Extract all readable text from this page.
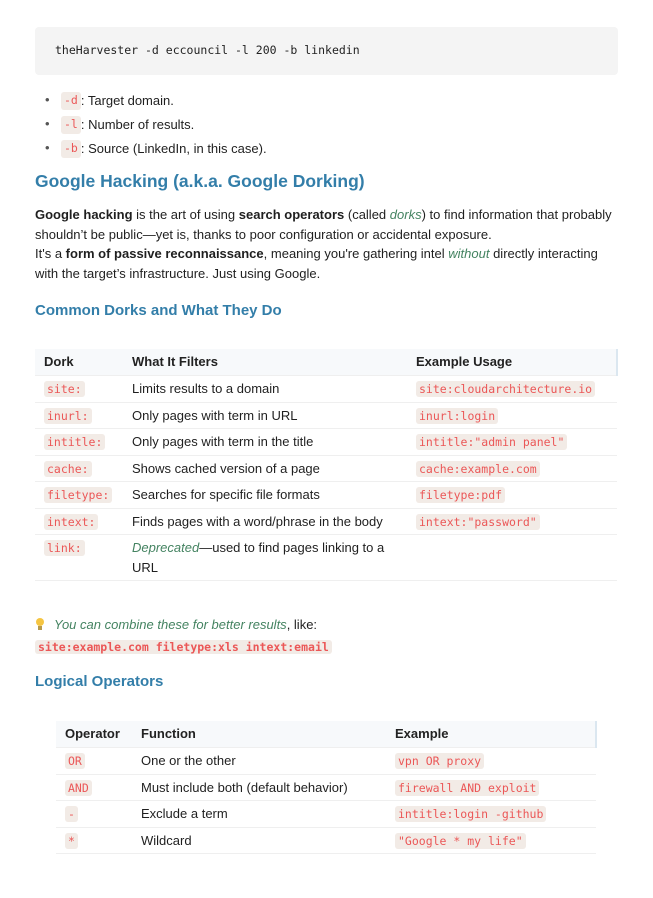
theHarvester -d eccouncil -l 200 -b linkedin
• -d : Target domain.
• -l : Number of results.
• -b : Source (LinkedIn, in this case).
Google Hacking (a.k.a. Google Dorking)

Google hacking is the art of using search operators (called dorks) to find information that probably shouldn’t be public—yet is, thanks to poor configuration or accidental exposure.

It's a form of passive reconnaissance, meaning you're gathering intel without directly interacting with the target’s infrastructure. Just using Google.

Common Dorks and What They Do
Dork	What It Filters	Example Usage
site:	Limits results to a domain	site:cloudarchitecture.io
inurl:	Only pages with term in URL	inurl:login
intitle:	Only pages with term in the title	intitle:"admin panel"
cache:	Shows cached version of a page	cache:example.com
filetype:	Searches for specific file formats	filetype:pdf
intext:	Finds pages with a word/phrase in the body	intext:"password"
link:	Deprecated—used to find pages linking to a URL	
You can combine these for better results , like:
site:example.com filetype:xls intext:email
Logical Operators
Operator	Function	Example
OR	One or the other	vpn OR proxy
AND	Must include both (default behavior)	firewall AND exploit
-	Exclude a term	intitle:login -github
*	Wildcard	"Google * my life"
